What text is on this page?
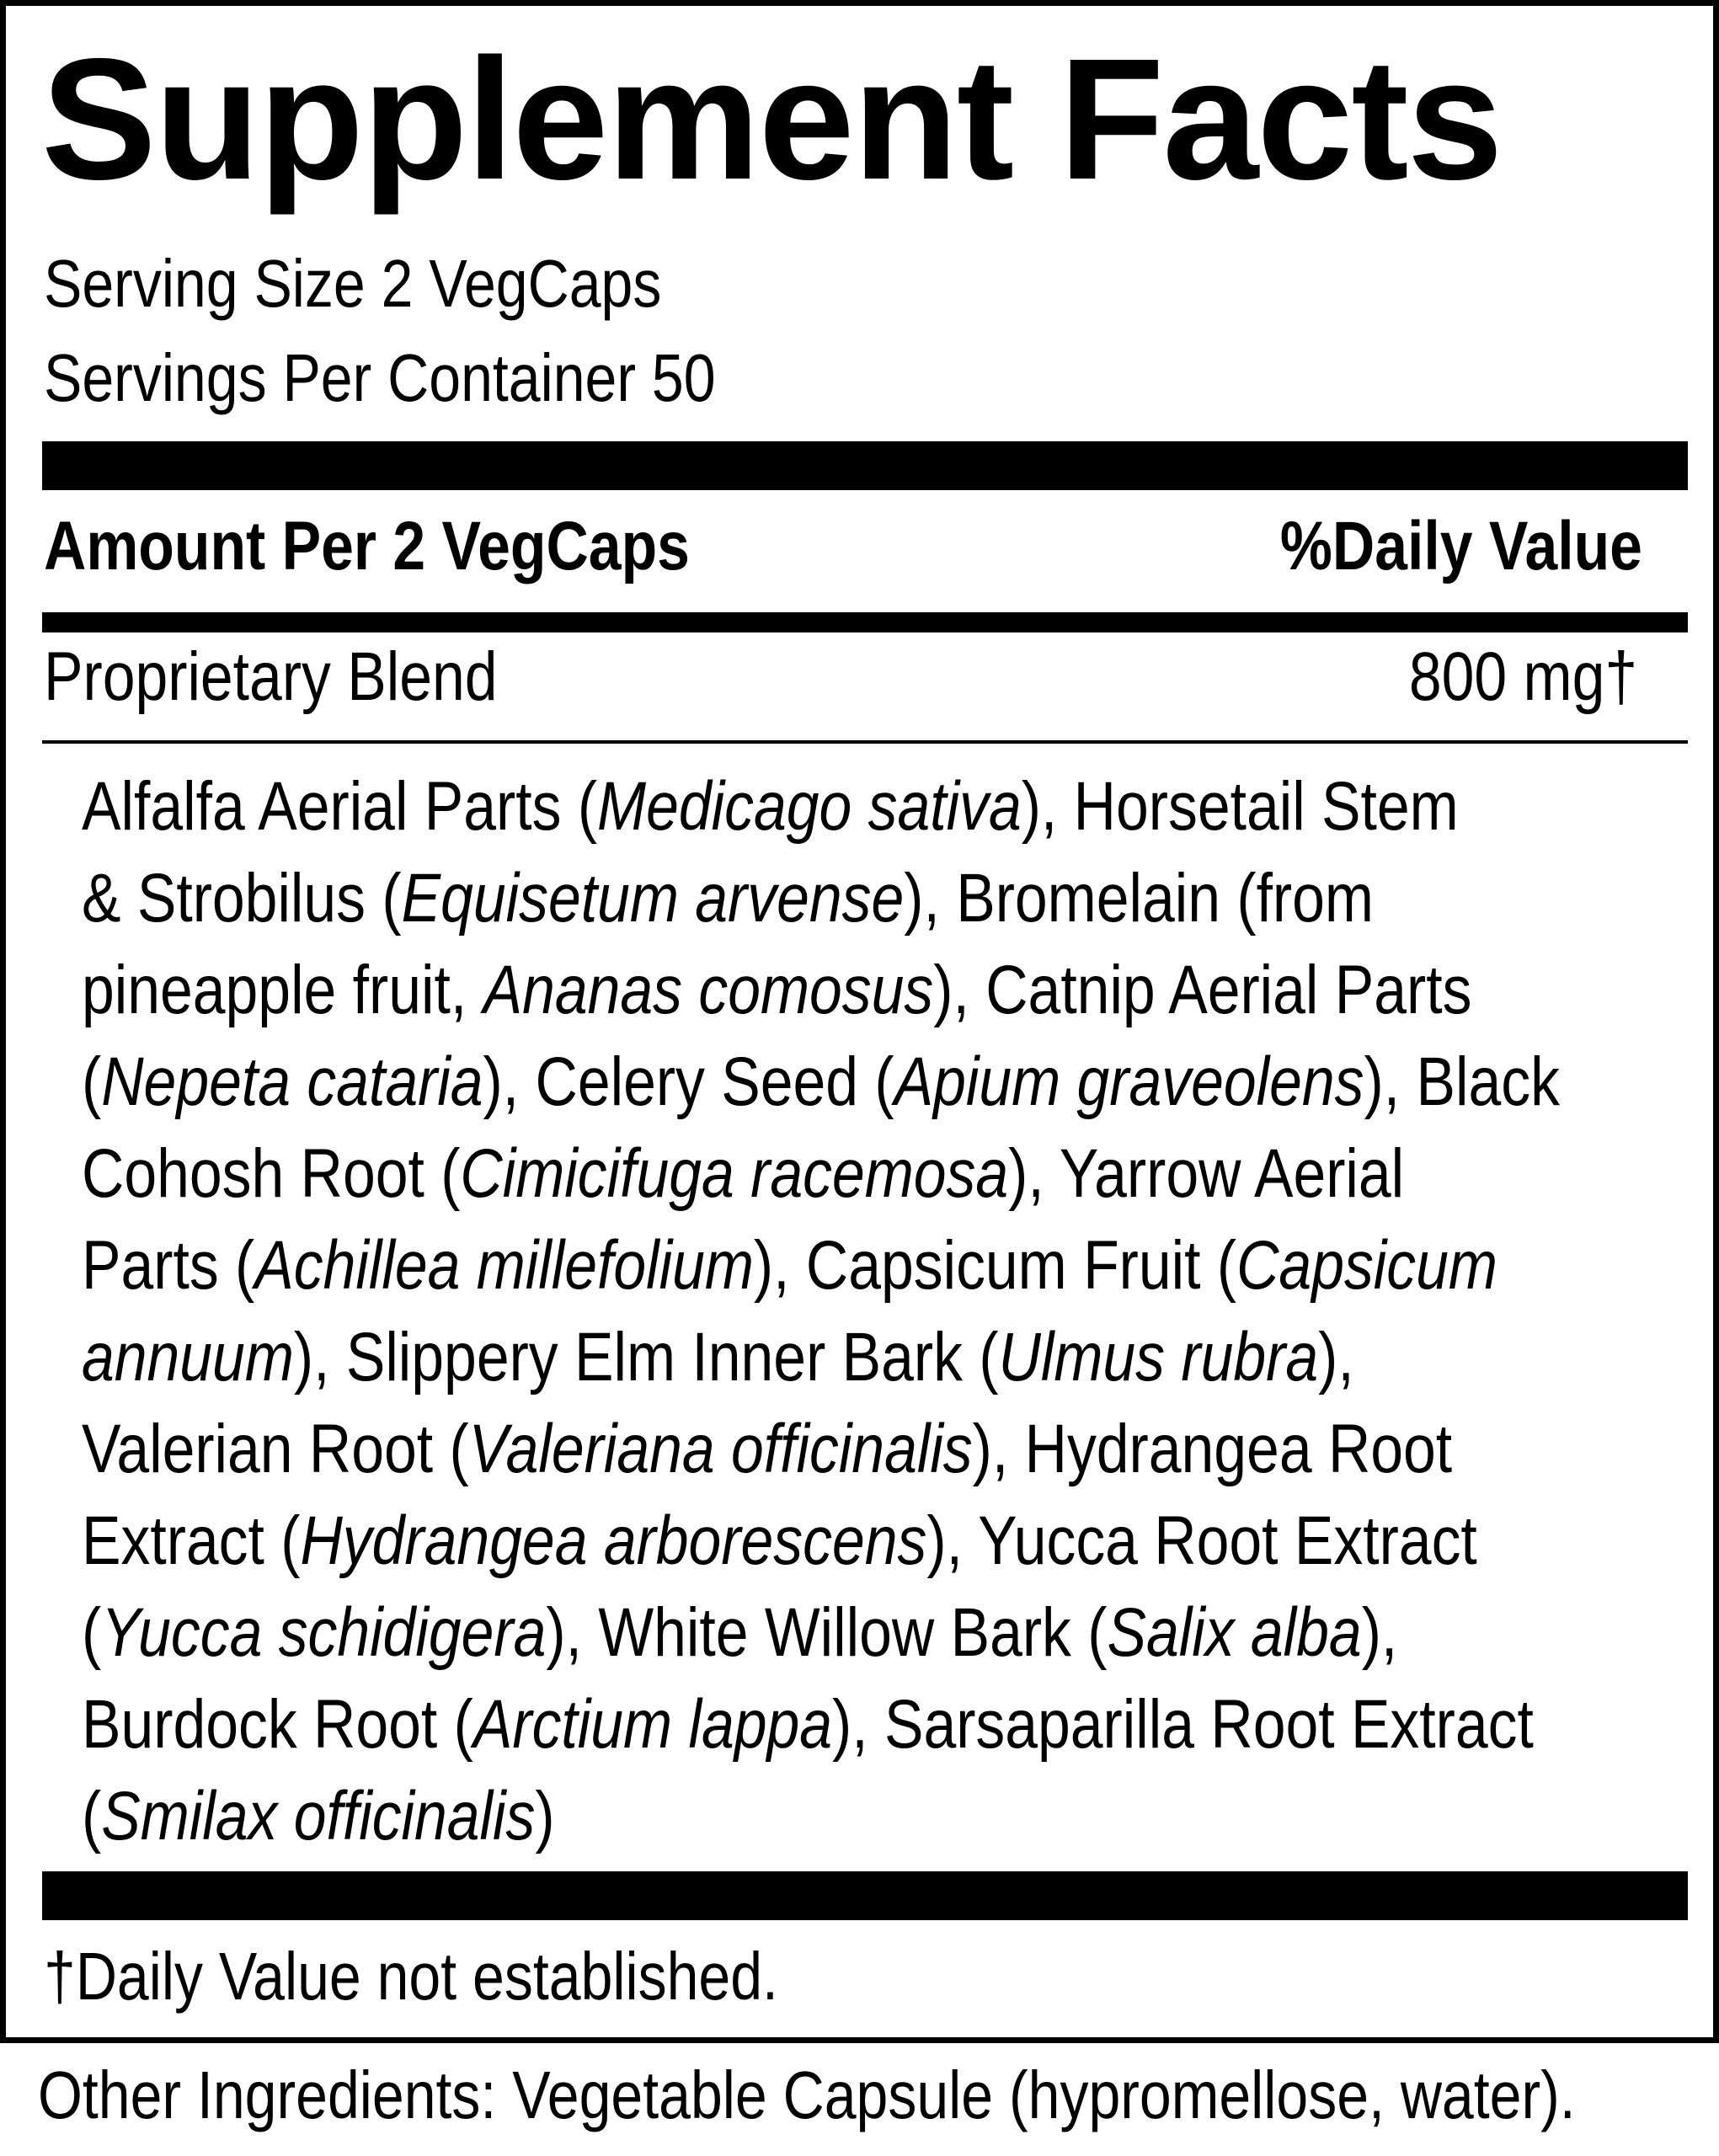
Supplement Facts
Serving Size 2 VegCaps
Servings Per Container 50
Amount Per 2 VegCaps	%Daily Value
Proprietary Blend	800 mg†
Alfalfa Aerial Parts (Medicago sativa), Horsetail Stem
& Strobilus (Equisetum arvense), Bromelain (from
pineapple fruit, Ananas comosus), Catnip Aerial Parts
(Nepeta cataria), Celery Seed (Apium graveolens), Black
Cohosh Root (Cimicifuga racemosa), Yarrow Aerial
Parts (Achillea millefolium), Capsicum Fruit (Capsicum
annuum), Slippery Elm Inner Bark (Ulmus rubra),
Valerian Root (Valeriana officinalis), Hydrangea Root
Extract (Hydrangea arborescens), Yucca Root Extract
(Yucca schidigera), White Willow Bark (Salix alba),
Burdock Root (Arctium lappa), Sarsaparilla Root Extract
(Smilax officinalis)
†Daily Value not established.
Other Ingredients: Vegetable Capsule (hypromellose, water).
